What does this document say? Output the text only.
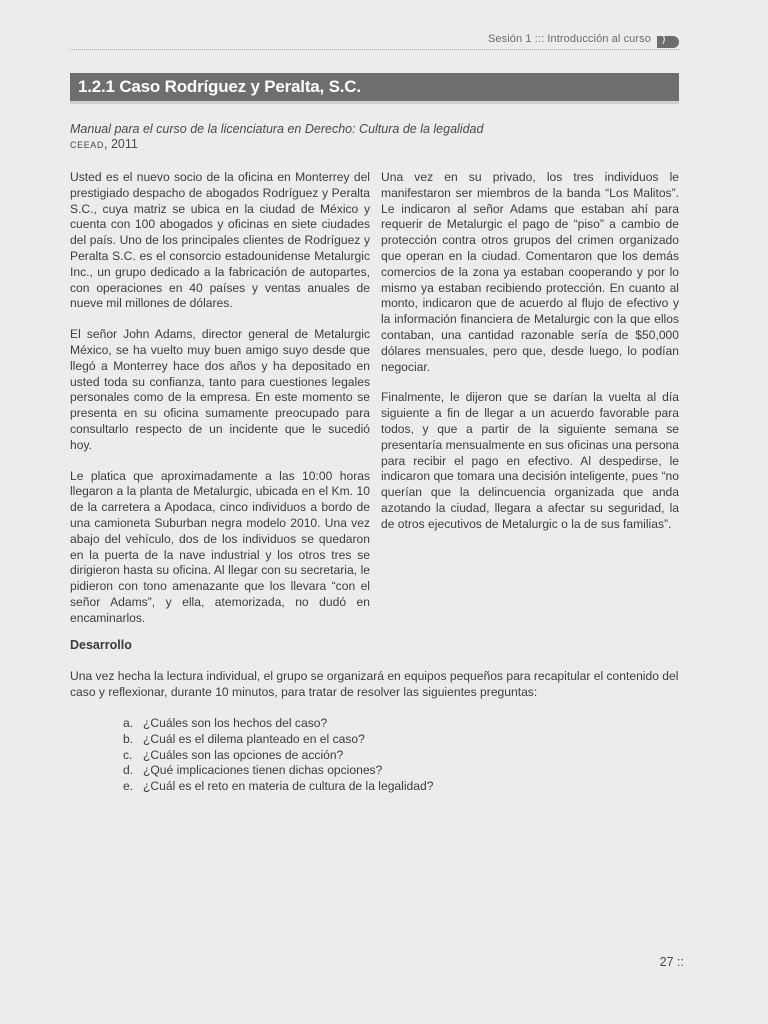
Sesión 1 ::: Introducción al curso )
1.2.1 Caso Rodríguez y Peralta, S.C.
Manual para el curso de la licenciatura en Derecho: Cultura de la legalidad
CEEAD, 2011

Usted es el nuevo socio de la oficina en Monterrey del prestigiado despacho de abogados Rodríguez y Peralta S.C., cuya matriz se ubica en la ciudad de México y cuenta con 100 abogados y oficinas en siete ciudades del país. Uno de los principales clientes de Rodríguez y Peralta S.C. es el consorcio estadounidense Metalurgic Inc., un grupo dedicado a la fabricación de autopartes, con operaciones en 40 países y ventas anuales de nueve mil millones de dólares.

El señor John Adams, director general de Metalurgic México, se ha vuelto muy buen amigo suyo desde que llegó a Monterrey hace dos años y ha depositado en usted toda su confianza, tanto para cuestiones legales personales como de la empresa. En este momento se presenta en su oficina sumamente preocupado para consultarlo respecto de un incidente que le sucedió hoy.

Le platica que aproximadamente a las 10:00 horas llegaron a la planta de Metalurgic, ubicada en el Km. 10 de la carretera a Apodaca, cinco individuos a bordo de una camioneta Suburban negra modelo 2010. Una vez abajo del vehículo, dos de los individuos se quedaron en la puerta de la nave industrial y los otros tres se dirigieron hasta su oficina. Al llegar con su secretaria, le pidieron con tono amenazante que los llevara “con el señor Adams”, y ella, atemorizada, no dudó en encaminarlos.

Una vez en su privado, los tres individuos le manifestaron ser miembros de la banda “Los Malitos”. Le indicaron al señor Adams que estaban ahí para requerir de Metalurgic el pago de “piso” a cambio de protección contra otros grupos del crimen organizado que operan en la ciudad. Comentaron que los demás comercios de la zona ya estaban cooperando y por lo mismo ya estaban recibiendo protección. En cuanto al monto, indicaron que de acuerdo al flujo de efectivo y la información financiera de Metalurgic con la que ellos contaban, una cantidad razonable sería de $50,000 dólares mensuales, pero que, desde luego, lo podían negociar.

Finalmente, le dijeron que se darían la vuelta al día siguiente a fin de llegar a un acuerdo favorable para todos, y que a partir de la siguiente semana se presentaría mensualmente en sus oficinas una persona para recibir el pago en efectivo. Al despedirse, le indicaron que tomara una decisión inteligente, pues “no querían que la delincuencia organizada que anda azotando la ciudad, llegara a afectar su seguridad, la de otros ejecutivos de Metalurgic o la de sus familias”.

Desarrollo
Una vez hecha la lectura individual, el grupo se organizará en equipos pequeños para recapitular el contenido del caso y reflexionar, durante 10 minutos, para tratar de resolver las siguientes preguntas:
a. ¿Cuáles son los hechos del caso?
b. ¿Cuál es el dilema planteado en el caso?
c. ¿Cuáles son las opciones de acción?
d. ¿Qué implicaciones tienen dichas opciones?
e. ¿Cuál es el reto en materia de cultura de la legalidad?
27 ::
